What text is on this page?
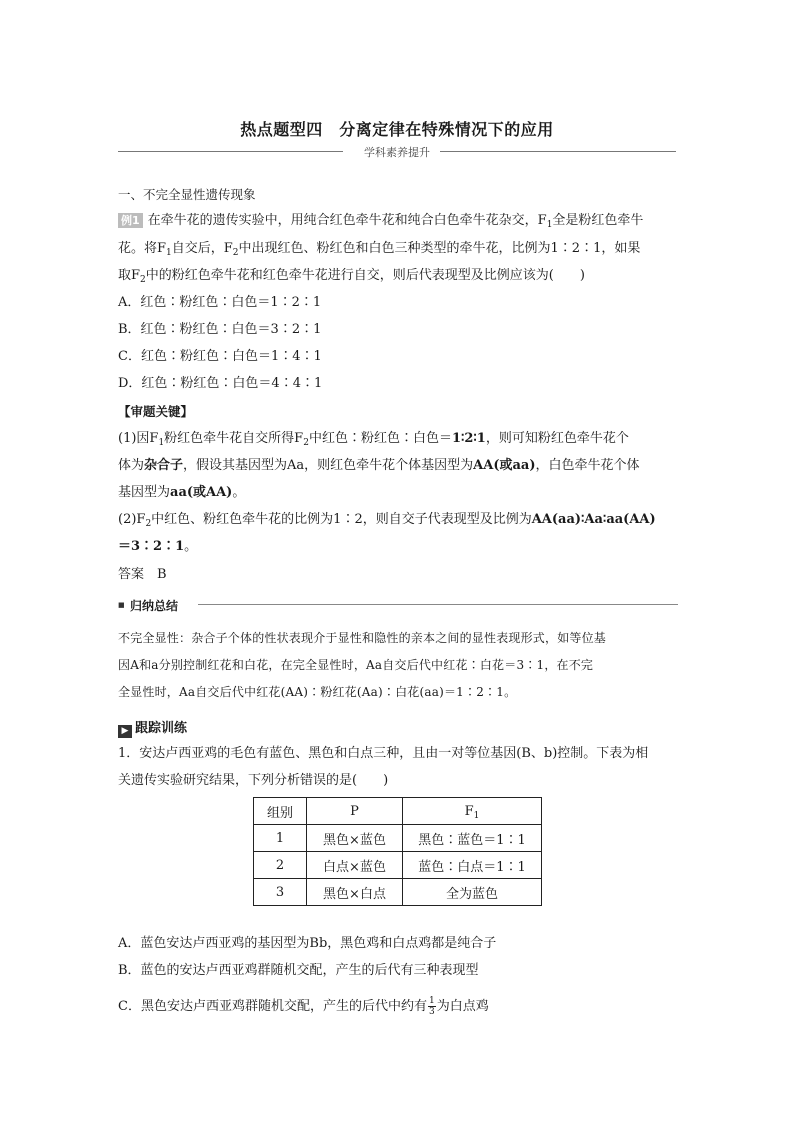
热点题型四　分离定律在特殊情况下的应用
学科素养提升
一、不完全显性遗传现象
例1 在牵牛花的遗传实验中，用纯合红色牵牛花和纯合白色牵牛花杂交，$F_1$全是粉红色牵牛
花。将$F_1$自交后，$F_2$中出现红色、粉红色和白色三种类型的牵牛花，比例为1∶2∶1，如果
取$F_2$中的粉红色牵牛花和红色牵牛花进行自交，则后代表现型及比例应该为(　　)
A．红色∶粉红色∶白色＝1∶2∶1
B．红色∶粉红色∶白色＝3∶2∶1
C．红色∶粉红色∶白色＝1∶4∶1
D．红色∶粉红色∶白色＝4∶4∶1
【审题关键】
(1)因$F_1$粉红色牵牛花自交所得$F_2$中红色∶粉红色∶白色＝1∶2∶1，则可知粉红色牵牛花个
体为杂合子，假设其基因型为Aa，则红色牵牛花个体基因型为AA(或aa)，白色牵牛花个体
基因型为aa(或AA)。
$(2)F_2$中红色、粉红色牵牛花的比例为1∶2，则自交子代表现型及比例为AA(aa)∶Aa∶aa(AA)
＝3∶2∶1。
答案　B
■ 归纳总结
不完全显性：杂合子个体的性状表现介于显性和隐性的亲本之间的显性表现形式，如等位基
因A和a分别控制红花和白花，在完全显性时，Aa自交后代中红花∶白花＝3∶1，在不完
全显性时，Aa自交后代中红花(AA)∶粉红花(Aa)∶白花(aa)＝1∶2∶1。
▶ 跟踪训练
1．安达卢西亚鸡的毛色有蓝色、黑色和白点三种，且由一对等位基因(B、b)控制。下表为相
关遗传实验研究结果，下列分析错误的是(　　)
组别	P	$F_1$
1	黑色×蓝色	黑色∶蓝色＝1∶1
2	白点×蓝色	蓝色∶白点＝1∶1
3	黑色×白点	全为蓝色
A．蓝色安达卢西亚鸡的基因型为Bb，黑色鸡和白点鸡都是纯合子
B．蓝色的安达卢西亚鸡群随机交配，产生的后代有三种表现型
C．黑色安达卢西亚鸡群随机交配，产生的后代中约有 $\frac{1}{3}$ 为白点鸡
